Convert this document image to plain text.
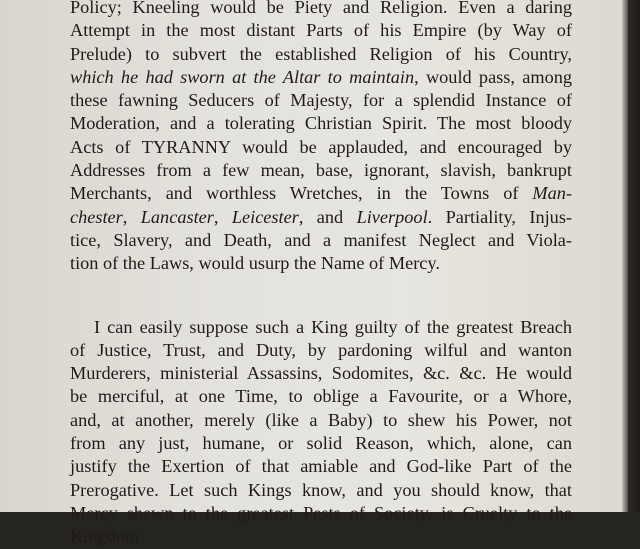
Policy; Kneeling would be Piety and Religion. Even a daring
Attempt in the most distant Parts of his Empire (by Way of
Prelude) to subvert the established Religion of his Country,
which he had sworn at the Altar to maintain, would pass, among
these fawning Seducers of Majesty, for a splendid Instance of
Moderation, and a tolerating Christian Spirit. The most bloody
Acts of TYRANNY would be applauded, and encouraged by
Addresses from a few mean, base, ignorant, slavish, bankrupt
Merchants, and worthless Wretches, in the Towns of Man-
chester, Lancaster, Leicester, and Liverpool. Partiality, Injus-
tice, Slavery, and Death, and a manifest Neglect and Viola-
tion of the Laws, would usurp the Name of Mercy.
I can easily suppose such a King guilty of the greatest Breach
of Justice, Trust, and Duty, by pardoning wilful and wanton
Murderers, ministerial Assassins, Sodomites, &c. &c. He would
be merciful, at one Time, to oblige a Favourite, or a Whore,
and, at another, merely (like a Baby) to shew his Power, not
from any just, humane, or solid Reason, which, alone, can
justify the Exertion of that amiable and God-like Part of the
Prerogative. Let such Kings know, and you should know, that
Mercy shewn to the greatest Pests of Society, is Cruelty to the
Kingdom.
